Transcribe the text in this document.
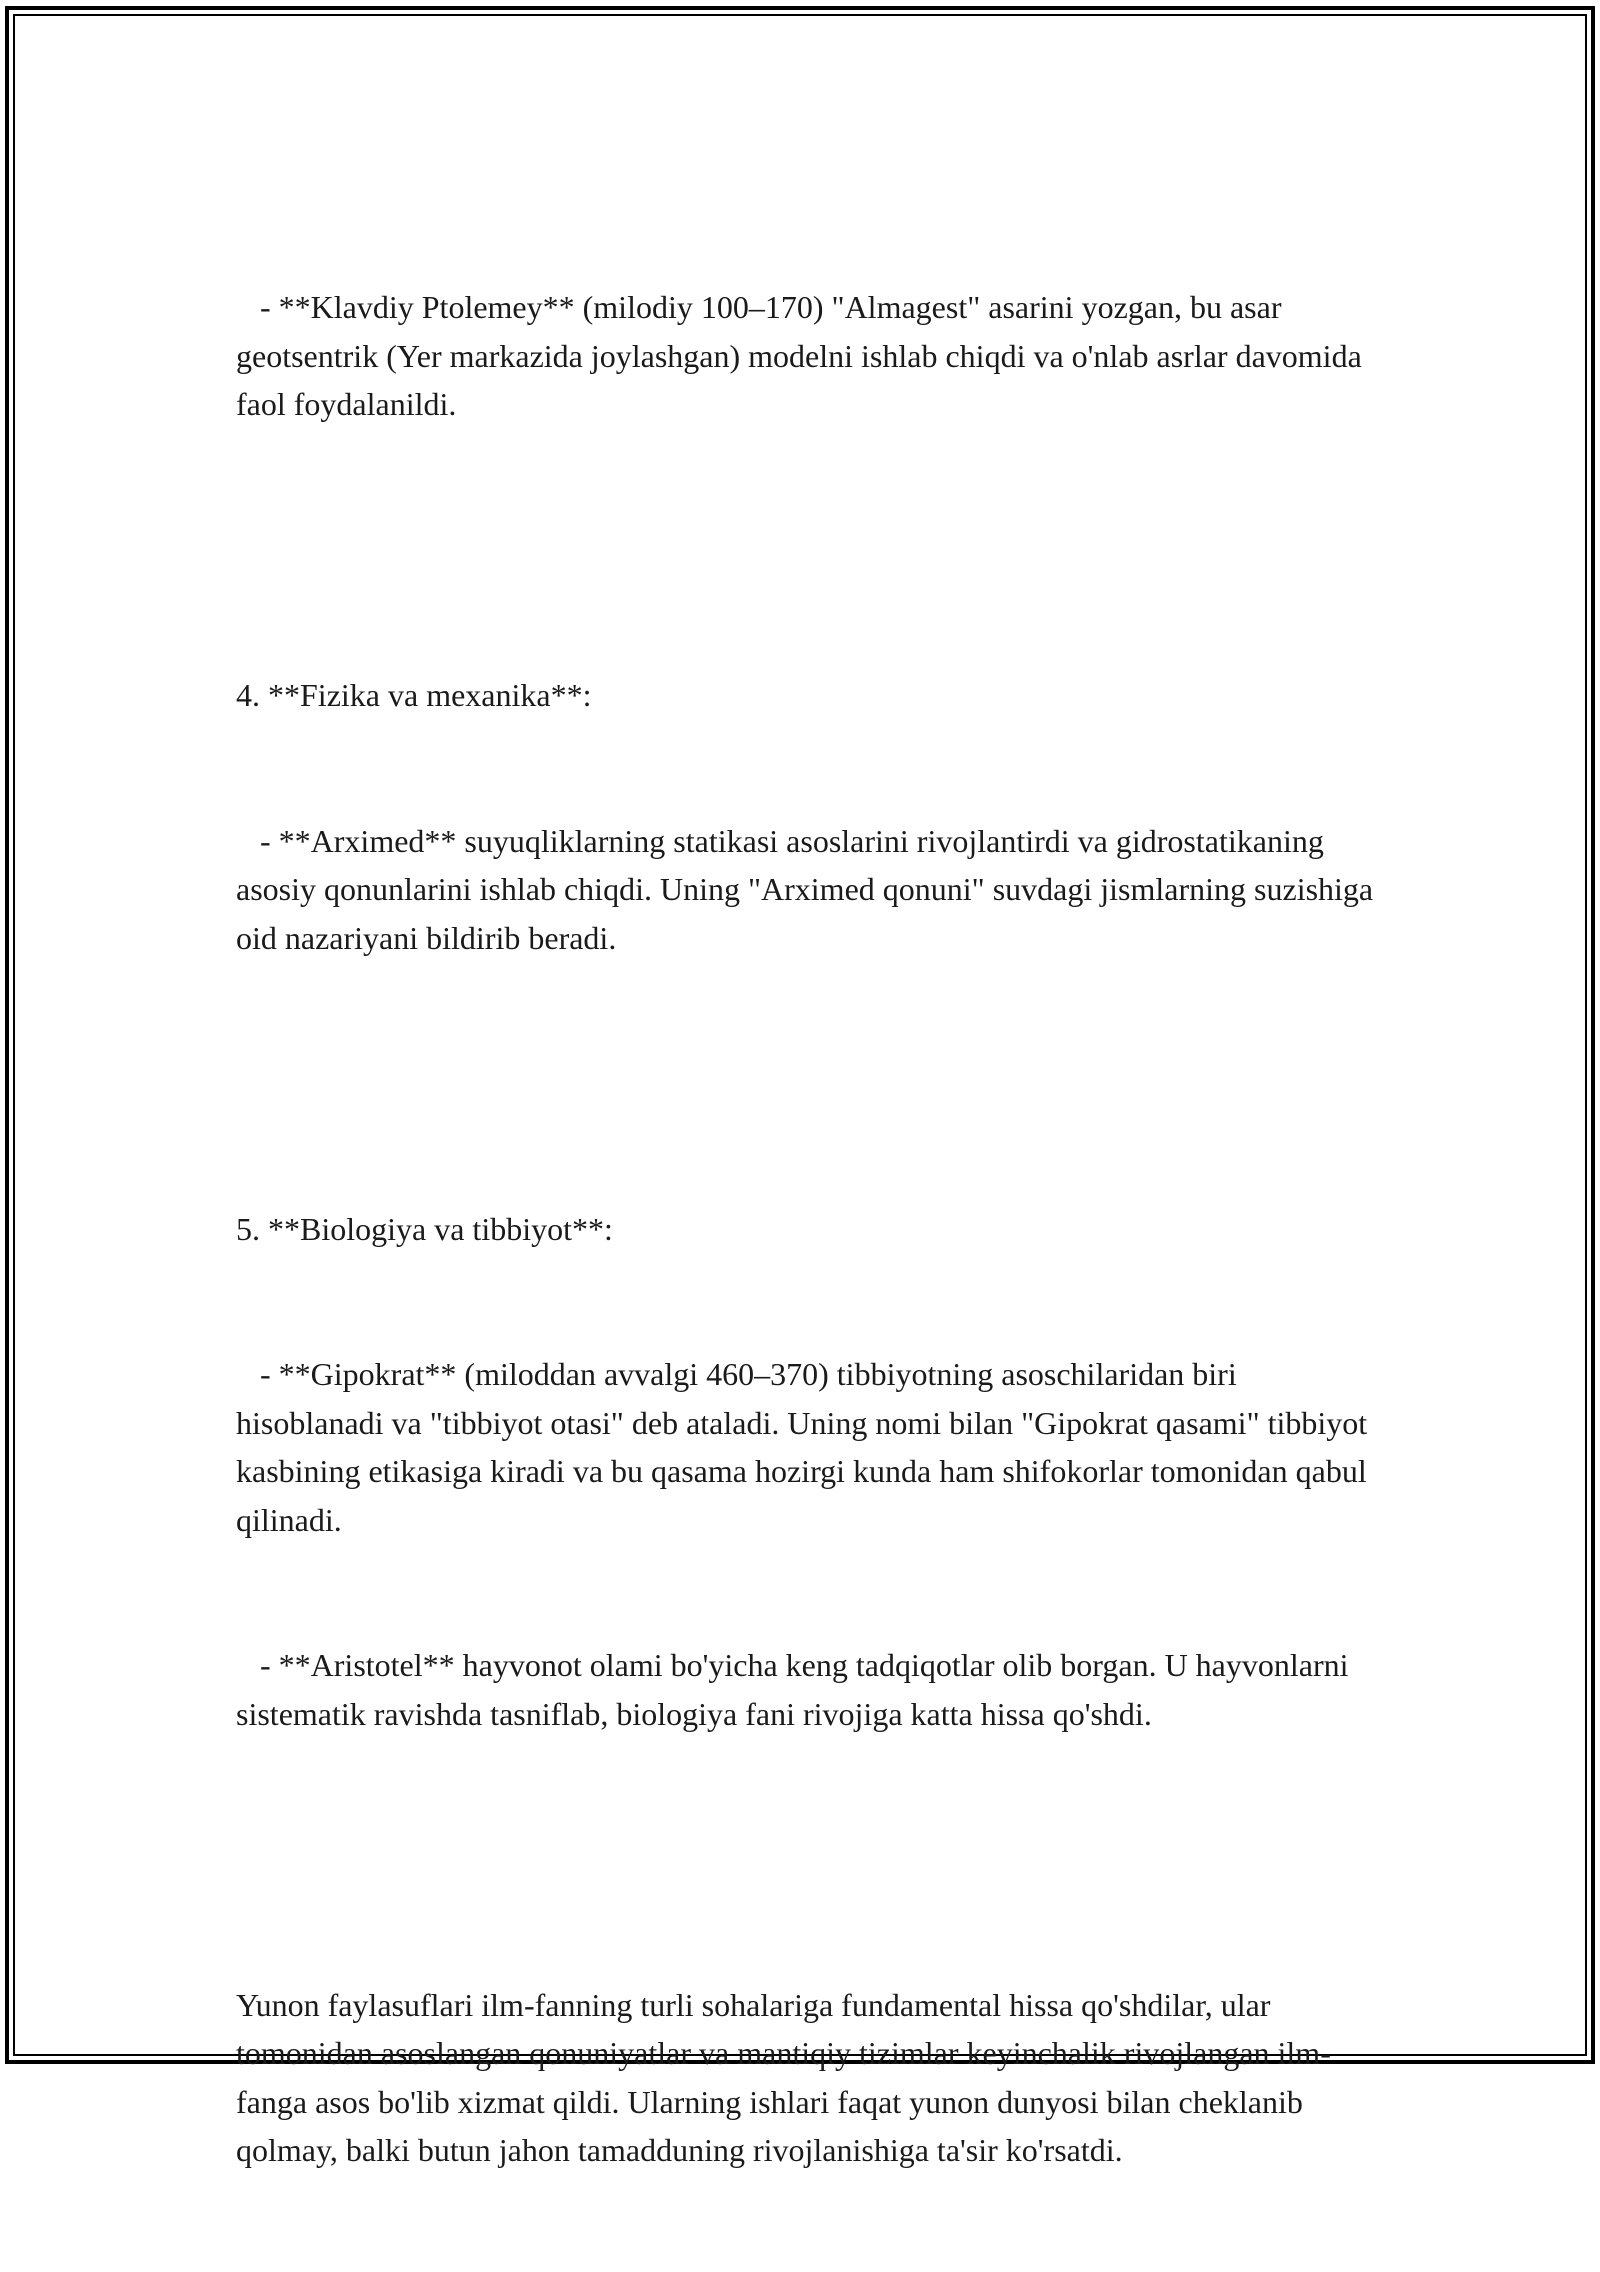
- **Klavdiy Ptolemey** (milodiy 100–170) "Almagest" asarini yozgan, bu asar geotsentrik (Yer markazida joylashgan) modelni ishlab chiqdi va o'nlab asrlar davomida faol foydalanildi.

4. **Fizika va mexanika**:

- **Arximed** suyuqliklarning statikasi asoslarini rivojlantirdi va gidrostatikaning asosiy qonunlarini ishlab chiqdi. Uning "Arximed qonuni" suvdagi jismlarning suzishiga oid nazariyani bildirib beradi.

5. **Biologiya va tibbiyot**:

- **Gipokrat** (miloddan avvalgi 460–370) tibbiyotning asoschilaridan biri hisoblanadi va "tibbiyot otasi" deb ataladi. Uning nomi bilan "Gipokrat qasami" tibbiyot kasbining etikasiga kiradi va bu qasama hozirgi kunda ham shifokorlar tomonidan qabul qilinadi.

- **Aristotel** hayvonot olami bo'yicha keng tadqiqotlar olib borgan. U hayvonlarni sistematik ravishda tasniflab, biologiya fani rivojiga katta hissa qo'shdi.

Yunon faylasuflari ilm-fanning turli sohalariga fundamental hissa qo'shdilar, ular tomonidan asoslangan qonuniyatlar va mantiqiy tizimlar keyinchalik rivojlangan ilm-fanga asos bo'lib xizmat qildi. Ularning ishlari faqat yunon dunyosi bilan cheklanib qolmay, balki butun jahon tamadduning rivojlanishiga ta'sir ko'rsatdi.
